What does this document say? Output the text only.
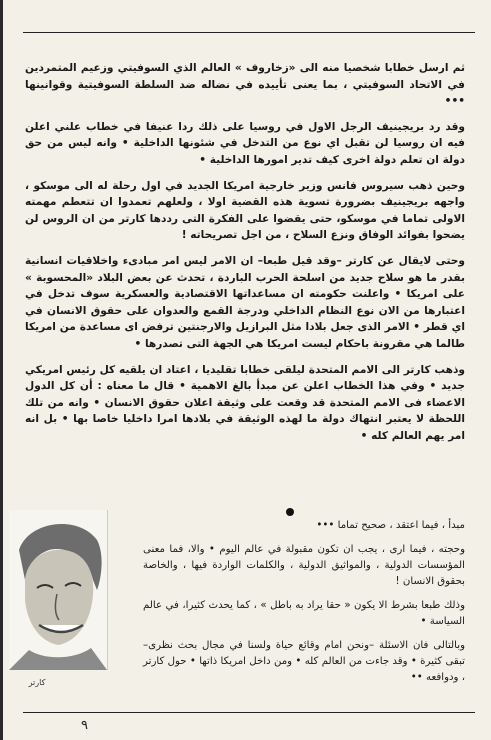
ثم ارسل خطابا شخصيا منه الى «زخاروف » العالم الذي السوفيتي وزعيم المتمردين في الاتحاد السوفيتي ، بما يعنى تأييده في نضاله ضد السلطة السوفيتية وقوانينها •••

وقد رد بريجينيف الرجل الاول في روسيا على ذلك ردا عنيفا في خطاب علني اعلن فيه ان روسيا لن تقبل اي نوع من التدخل في شئونها الداخلية • وانه ليس من حق دولة ان تعلم دولة اخرى كيف تدير امورها الداخلية •

وحين ذهب سيروس فانس وزير خارجية امريكا الجديد في اول رحلة له الى موسكو ، واجهه بريجينيف بضرورة تسوية هذه القضية اولا ، ولعلهم تعمدوا ان تتعطم مهمته الاولى تماما في موسكو، حتى يقضوا على الفكرة التى رددها كارتر من ان الروس لن يضحوا بفوائد الوفاق ونزع السلاح ، من اجل تصريحاته !

وحتى لايقال عن كارتر –وقد قيل طبعا– ان الامر ليس امر مبادىء واخلاقيات انسانية بقدر ما هو سلاح جديد من اسلحة الحرب الباردة ، تحدث عن بعض البلاد «المحسوبة » على امريكا • واعلنت حكومته ان مساعداتها الاقتصادية والعسكرية سوف تدخل في اعتبارها من الان نوع النظام الداخلي ودرجة القمع والعدوان على حقوق الانسان في اي قطر • الامر الذى جعل بلادا مثل البرازيل والارجنتين ترفض اى مساعدة من امريكا طالما هي مقرونة باحكام ليست امريكا هي الجهة التى تصدرها •

وذهب كارتر الى الامم المتحدة ليلقى خطابا تقليديا ، اعتاد ان يلقيه كل رئيس امريكي جديد • وفي هذا الخطاب اعلن عن مبدأ بالغ الاهمية • قال ما معناه : أن كل الدول الاعضاء فى الامم المتحدة قد وقعت على وثيقة اعلان حقوق الانسان • وانه من تلك اللحظة لا يعتبر انتهاك دولة ما لهذه الوثيقة في بلادها امرا داخليا خاصا بها • بل انه امر يهم العالم كله •

كارتر

مبدأ ، فيما اعتقد ، صحيح تماما •••

وحجته ، فيما ارى ، يجب ان تكون مقبولة في عالم اليوم • والا، فما معنى المؤسسات الدولية ، والمواثيق الدولية ، والكلمات الواردة فيها ، والخاصة بحقوق الانسان !

وذلك طبعا بشرط الا يكون « حقا يراد به باطل » ، كما يحدث كثيرا، في عالم السياسة •

وبالتالى فان الاسئلة –ونحن امام وقائع حياة ولسنا في مجال بحث نظرى– تبقى كثيرة • وقد جاءت من العالم كله • ومن داخل امريكا ذاتها • حول كارتر ، ودوافعه ••

٩
